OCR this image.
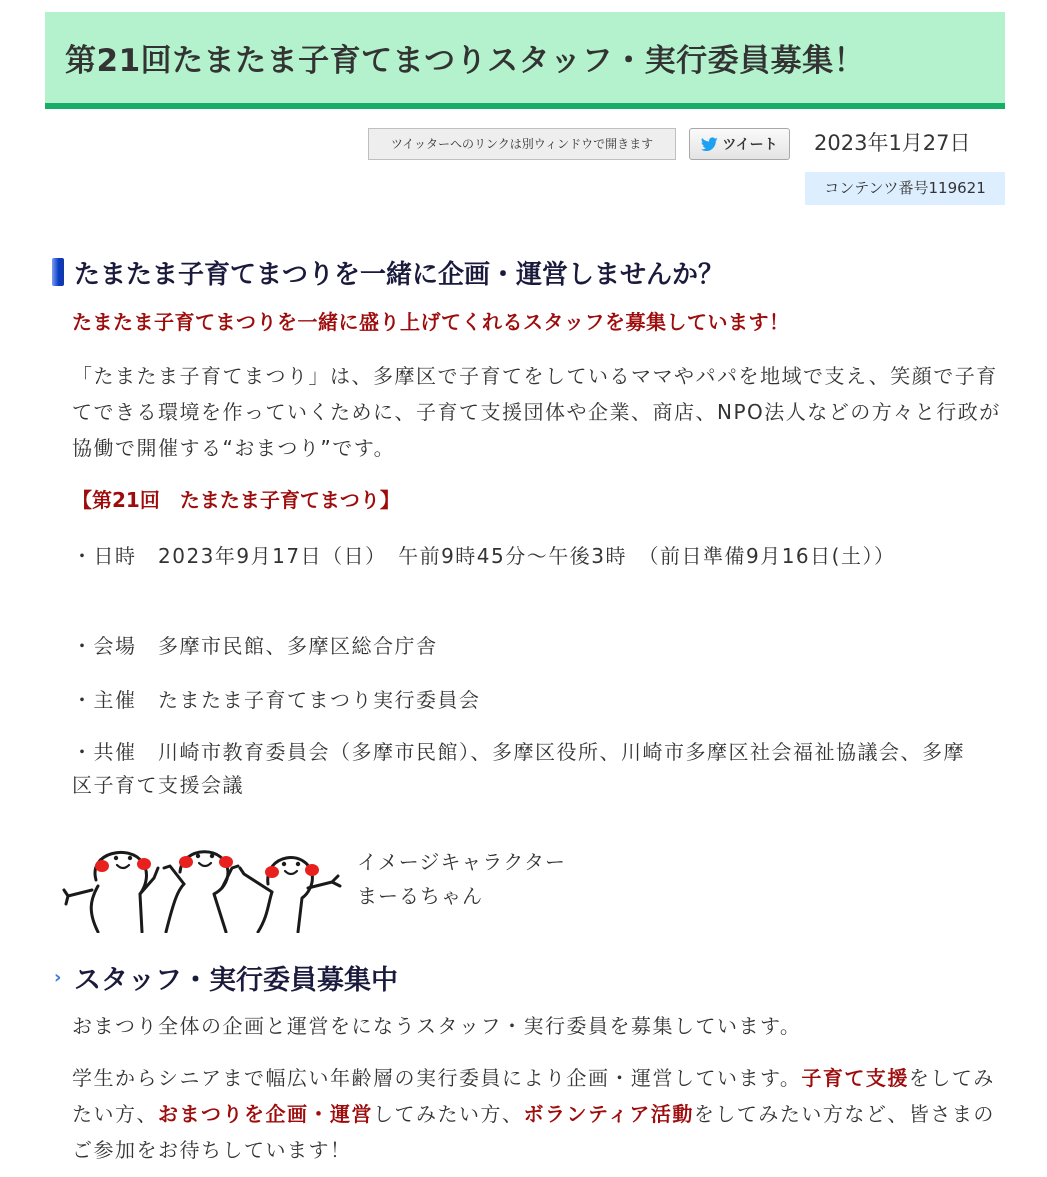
第21回たまたま子育てまつりスタッフ・実行委員募集！
ツイッターへのリンクは別ウィンドウで開きます	ツイート 2023年1月27日
コンテンツ番号119621
たまたま子育てまつりを一緒に企画・運営しませんか？
たまたま子育てまつりを一緒に盛り上げてくれるスタッフを募集しています！

「たまたま子育てまつり」は、多摩区で子育てをしているママやパパを地域で支え、笑顔で子育てできる環境を作っていくために、子育て支援団体や企業、商店、NPO法人などの方々と行政が協働で開催する“おまつり”です。

【第21回　たまたま子育てまつり】

・日時　2023年9月17日（日）　午前9時45分～午後3時　（前日準備9月16日(土））

・会場　多摩市民館、多摩区総合庁舎

・主催　たまたま子育てまつり実行委員会

・共催　川崎市教育委員会（多摩市民館）、多摩区役所、川崎市多摩区社会福祉協議会、多摩区子育て支援会議

イメージキャラクター
まーるちゃん
› スタッフ・実行委員募集中

おまつり全体の企画と運営をになうスタッフ・実行委員を募集しています。

学生からシニアまで幅広い年齢層の実行委員により企画・運営しています。子育て支援をしてみたい方、おまつりを企画・運営してみたい方、ボランティア活動をしてみたい方など、皆さまのご参加をお待ちしています！
